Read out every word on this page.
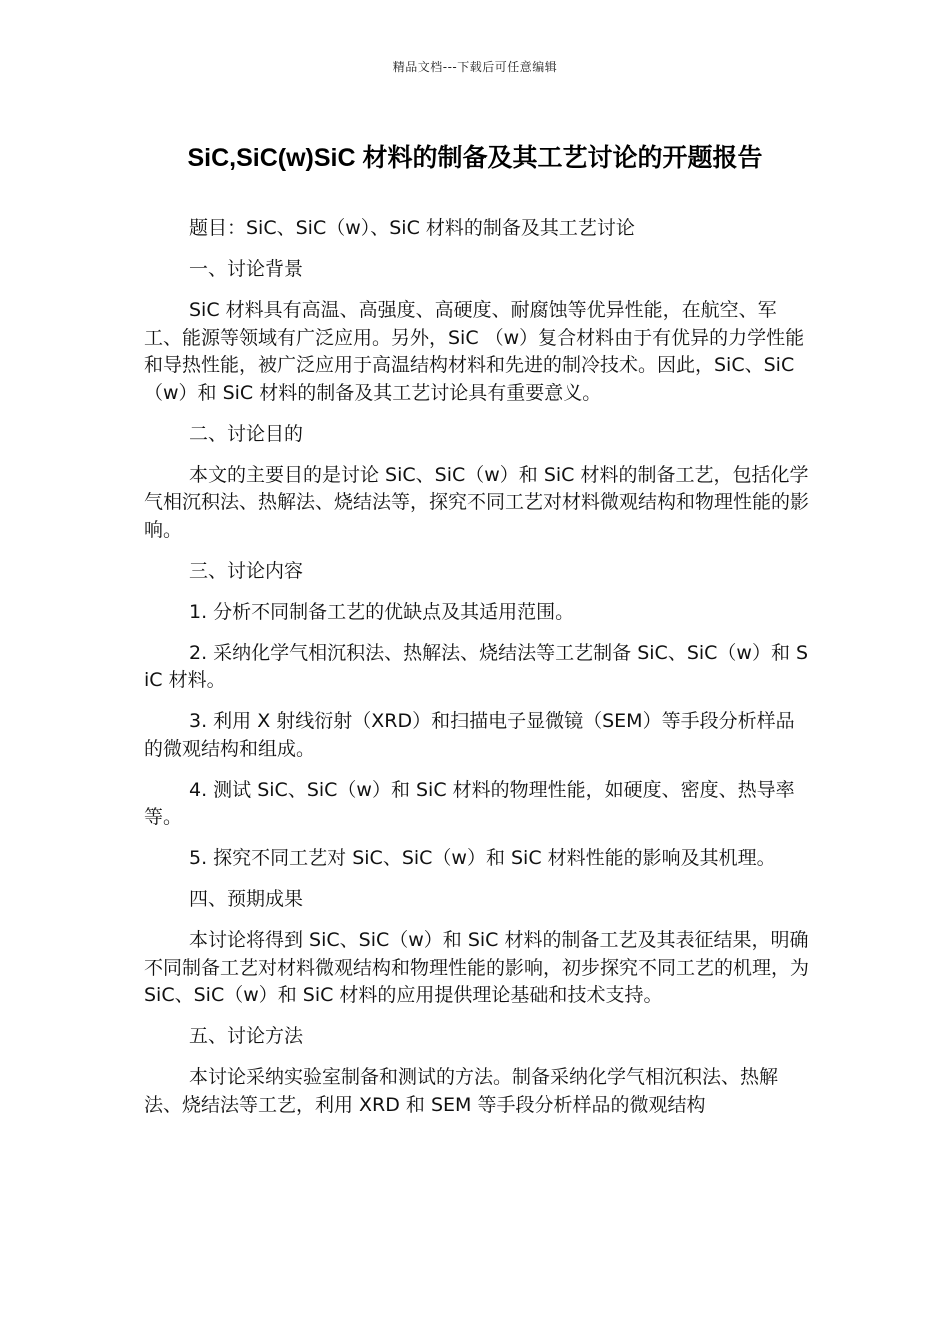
精品文档---下载后可任意编辑
SiC,SiC(w)SiC 材料的制备及其工艺讨论的开题报告

题目：SiC、SiC（w）、SiC 材料的制备及其工艺讨论

一、讨论背景

SiC 材料具有高温、高强度、高硬度、耐腐蚀等优异性能，在航空、军工、能源等领域有广泛应用。另外，SiC （w）复合材料由于有优异的力学性能和导热性能，被广泛应用于高温结构材料和先进的制冷技术。因此，SiC、SiC（w）和 SiC 材料的制备及其工艺讨论具有重要意义。

二、讨论目的

本文的主要目的是讨论 SiC、SiC（w）和 SiC 材料的制备工艺，包括化学气相沉积法、热解法、烧结法等，探究不同工艺对材料微观结构和物理性能的影响。

三、讨论内容

1. 分析不同制备工艺的优缺点及其适用范围。

2. 采纳化学气相沉积法、热解法、烧结法等工艺制备 SiC、SiC（w）和 SiC 材料。

3. 利用 X 射线衍射（XRD）和扫描电子显微镜（SEM）等手段分析样品的微观结构和组成。

4. 测试 SiC、SiC（w）和 SiC 材料的物理性能，如硬度、密度、热导率等。

5. 探究不同工艺对 SiC、SiC（w）和 SiC 材料性能的影响及其机理。

四、预期成果

本讨论将得到 SiC、SiC（w）和 SiC 材料的制备工艺及其表征结果，明确不同制备工艺对材料微观结构和物理性能的影响，初步探究不同工艺的机理，为 SiC、SiC（w）和 SiC 材料的应用提供理论基础和技术支持。

五、讨论方法

本讨论采纳实验室制备和测试的方法。制备采纳化学气相沉积法、热解法、烧结法等工艺，利用 XRD 和 SEM 等手段分析样品的微观结构
